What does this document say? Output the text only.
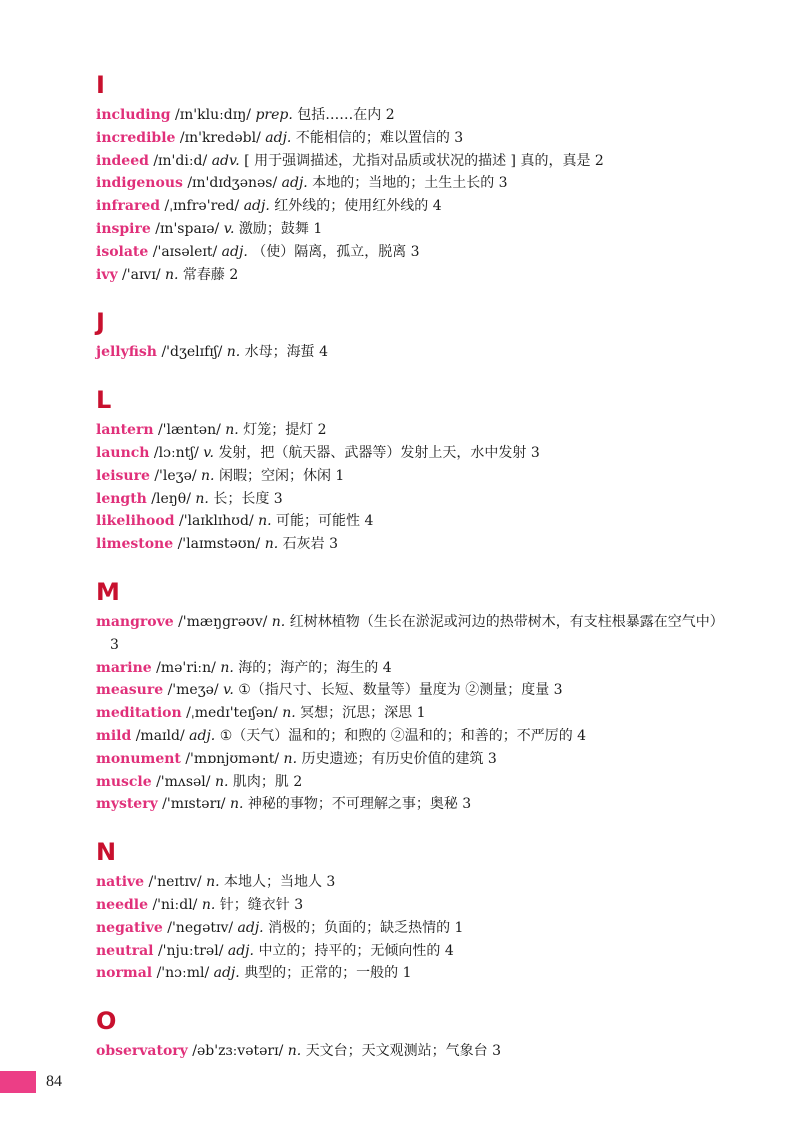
I
including /ɪn'kluːdɪŋ/ prep. 包括……在内 2
incredible /ɪn'kredəbl/ adj. 不能相信的；难以置信的 3
indeed /ɪn'diːd/ adv. [ 用于强调描述，尤指对品质或状况的描述 ] 真的，真是 2
indigenous /ɪn'dɪdʒənəs/ adj. 本地的；当地的；土生土长的 3
infrared /ˌɪnfrə'red/ adj. 红外线的；使用红外线的 4
inspire /ɪn'spaɪə/ v. 激励；鼓舞 1
isolate /'aɪsəleɪt/ adj. （使）隔离，孤立，脱离 3
ivy /'aɪvɪ/ n. 常春藤 2
J
jellyfish /'dʒelɪfɪʃ/ n. 水母；海蜇 4
L
lantern /'læntən/ n. 灯笼；提灯 2
launch /lɔːntʃ/ v. 发射，把（航天器、武器等）发射上天，水中发射 3
leisure /'leʒə/ n. 闲暇；空闲；休闲 1
length /leŋθ/ n. 长；长度 3
likelihood /'laɪklɪhʊd/ n. 可能；可能性 4
limestone /'laɪmstəʊn/ n. 石灰岩 3
M
mangrove /'mæŋgrəʊv/ n. 红树林植物（生长在淤泥或河边的热带树木，有支柱根暴露在空气中） 3
marine /mə'riːn/ n. 海的；海产的；海生的 4
measure /'meʒə/ v. ①（指尺寸、长短、数量等）量度为 ②测量；度量 3
meditation /ˌmedɪ'teɪʃən/ n. 冥想；沉思；深思 1
mild /maɪld/ adj. ①（天气）温和的；和煦的 ②温和的；和善的；不严厉的 4
monument /'mɒnjʊmənt/ n. 历史遗迹；有历史价值的建筑 3
muscle /'mʌsəl/ n. 肌肉；肌 2
mystery /'mɪstərɪ/ n. 神秘的事物；不可理解之事；奥秘 3
N
native /'neɪtɪv/ n. 本地人；当地人 3
needle /'niːdl/ n. 针；缝衣针 3
negative /'negətɪv/ adj. 消极的；负面的；缺乏热情的 1
neutral /'njuːtrəl/ adj. 中立的；持平的；无倾向性的 4
normal /'nɔːml/ adj. 典型的；正常的；一般的 1
O
observatory /əb'zɜːvətərɪ/ n. 天文台；天文观测站；气象台 3
84
